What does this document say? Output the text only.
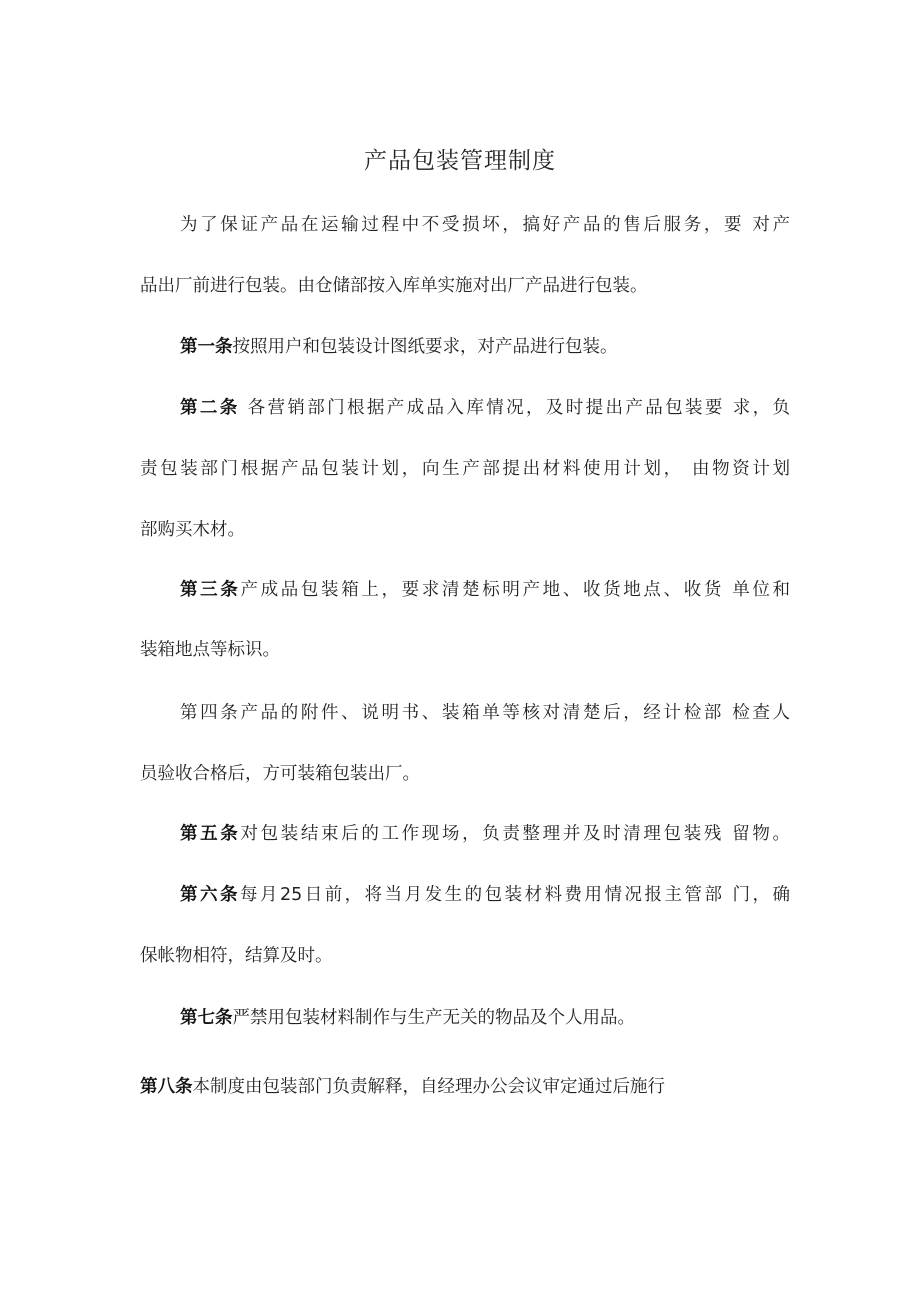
产品包装管理制度
为了保证产品在运输过程中不受损坏，搞好产品的售后服务，要 对产
品出厂前进行包装。由仓储部按入库单实施对出厂产品进行包装。
第一条按照用户和包装设计图纸要求，对产品进行包装。
第二条 各营销部门根据产成品入库情况，及时提出产品包装要 求，负
责包装部门根据产品包装计划，向生产部提出材料使用计划， 由物资计划
部购买木材。
第三条产成品包装箱上，要求清楚标明产地、收货地点、收货 单位和
装箱地点等标识。
第四条产品的附件、说明书、装箱单等核对清楚后，经计检部 检查人
员验收合格后，方可装箱包装出厂。
第五条对包装结束后的工作现场，负责整理并及时清理包装残 留物。
第六条每月25日前，将当月发生的包装材料费用情况报主管部 门，确
保帐物相符，结算及时。
第七条严禁用包装材料制作与生产无关的物品及个人用品。
第八条本制度由包装部门负责解释，自经理办公会议审定通过后施行
